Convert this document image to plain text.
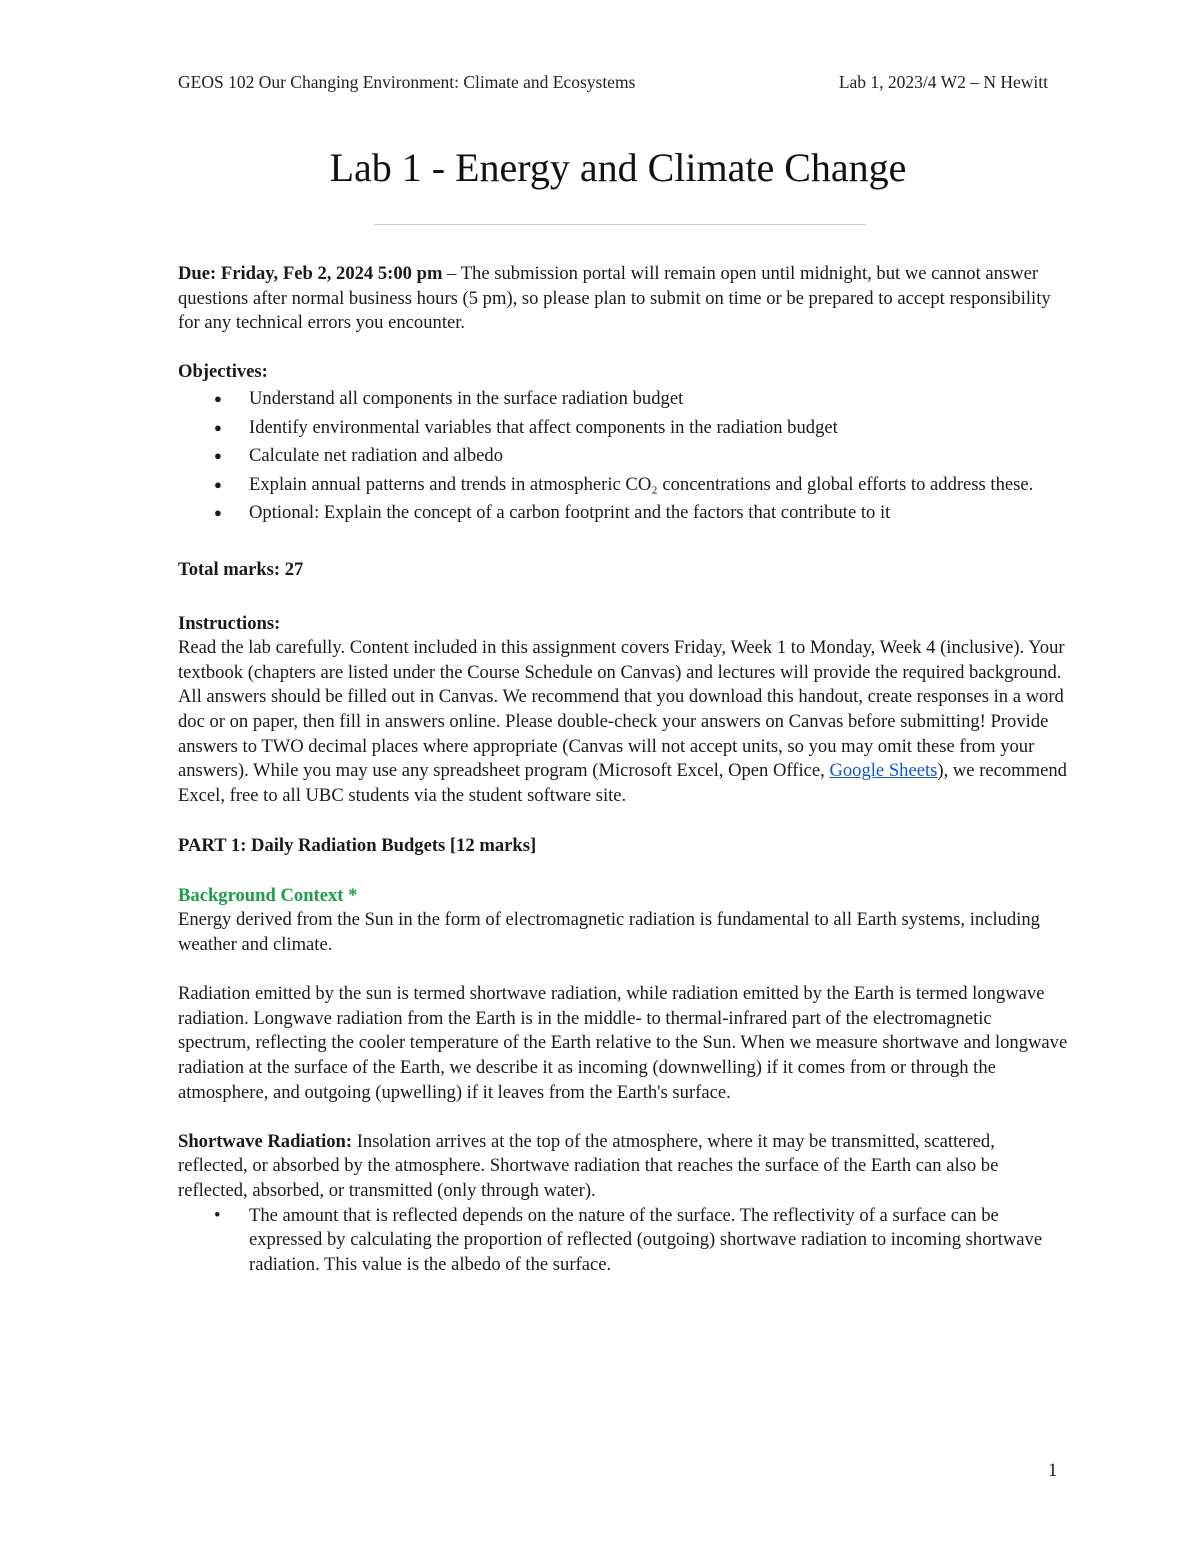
GEOS 102 Our Changing Environment: Climate and Ecosystems	Lab 1, 2023/4 W2 – N Hewitt
Lab 1 - Energy and Climate Change

Due: Friday, Feb 2, 2024 5:00 pm – The submission portal will remain open until midnight, but we cannot answer questions after normal business hours (5 pm), so please plan to submit on time or be prepared to accept responsibility for any technical errors you encounter.

Objectives:

● Understand all components in the surface radiation budget
● Identify environmental variables that affect components in the radiation budget
● Calculate net radiation and albedo
● Explain annual patterns and trends in atmospheric CO₂ concentrations and global efforts to address these.
● Optional: Explain the concept of a carbon footprint and the factors that contribute to it

Total marks: 27

Instructions:

Read the lab carefully. Content included in this assignment covers Friday, Week 1 to Monday, Week 4 (inclusive). Your textbook (chapters are listed under the Course Schedule on Canvas) and lectures will provide the required background. All answers should be filled out in Canvas. We recommend that you download this handout, create responses in a word doc or on paper, then fill in answers online. Please double-check your answers on Canvas before submitting! Provide answers to TWO decimal places where appropriate (Canvas will not accept units, so you may omit these from your answers). While you may use any spreadsheet program (Microsoft Excel, Open Office, Google Sheets), we recommend Excel, free to all UBC students via the student software site.

PART 1: Daily Radiation Budgets [12 marks]

Background Context *

Energy derived from the Sun in the form of electromagnetic radiation is fundamental to all Earth systems, including weather and climate.

Radiation emitted by the sun is termed shortwave radiation, while radiation emitted by the Earth is termed longwave radiation. Longwave radiation from the Earth is in the middle- to thermal-infrared part of the electromagnetic spectrum, reflecting the cooler temperature of the Earth relative to the Sun. When we measure shortwave and longwave radiation at the surface of the Earth, we describe it as incoming (downwelling) if it comes from or through the atmosphere, and outgoing (upwelling) if it leaves from the Earth's surface.

Shortwave Radiation: Insolation arrives at the top of the atmosphere, where it may be transmitted, scattered, reflected, or absorbed by the atmosphere. Shortwave radiation that reaches the surface of the Earth can also be reflected, absorbed, or transmitted (only through water).

• The amount that is reflected depends on the nature of the surface. The reflectivity of a surface can be expressed by calculating the proportion of reflected (outgoing) shortwave radiation to incoming shortwave radiation. This value is the albedo of the surface.
1
